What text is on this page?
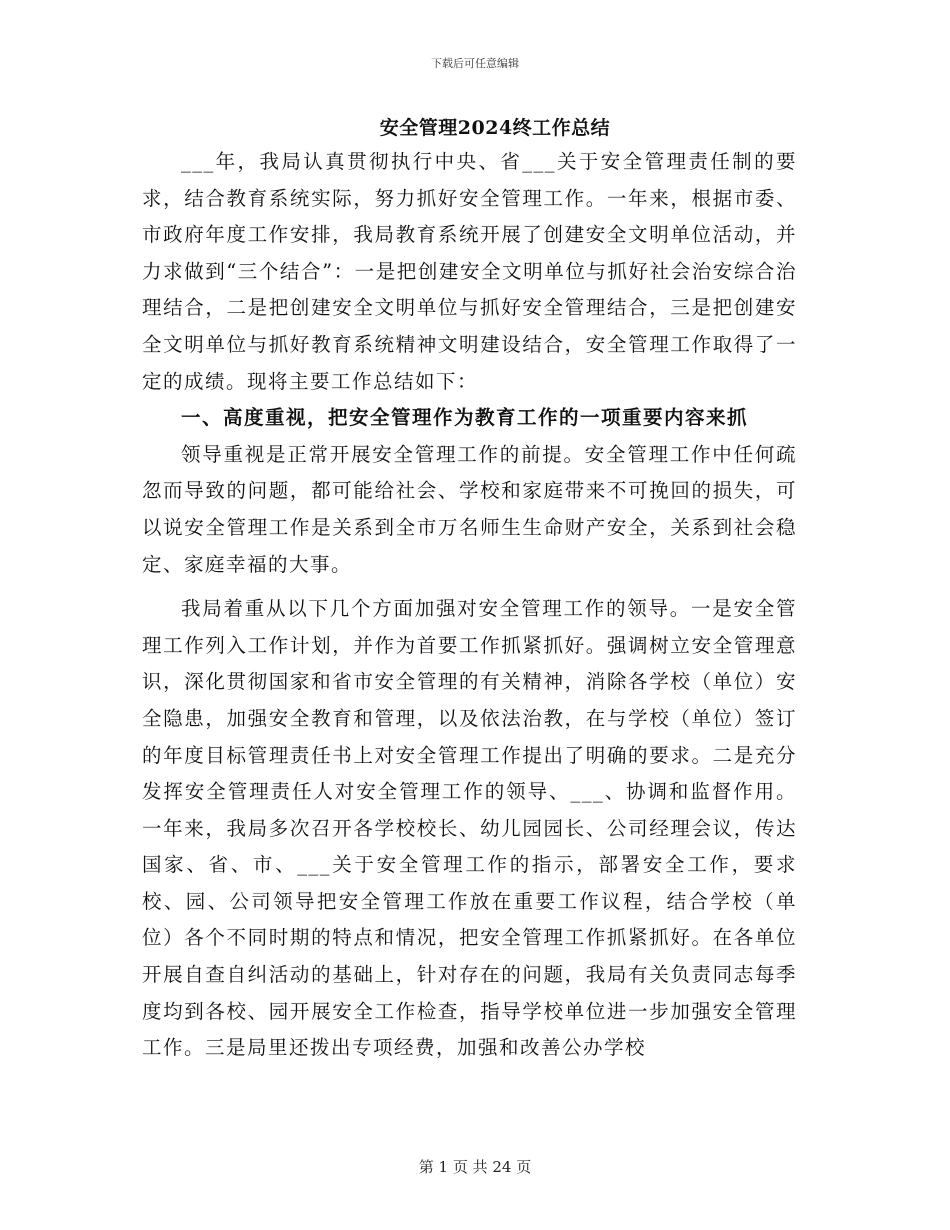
下载后可任意编辑
安全管理2024终工作总结

___年，我局认真贯彻执行中央、省___关于安全管理责任制的要求，结合教育系统实际，努力抓好安全管理工作。一年来，根据市委、市政府年度工作安排，我局教育系统开展了创建安全文明单位活动，并力求做到“三个结合”：一是把创建安全文明单位与抓好社会治安综合治理结合，二是把创建安全文明单位与抓好安全管理结合，三是把创建安全文明单位与抓好教育系统精神文明建设结合，安全管理工作取得了一定的成绩。现将主要工作总结如下：

一、高度重视，把安全管理作为教育工作的一项重要内容来抓

领导重视是正常开展安全管理工作的前提。安全管理工作中任何疏忽而导致的问题，都可能给社会、学校和家庭带来不可挽回的损失，可以说安全管理工作是关系到全市万名师生生命财产安全，关系到社会稳定、家庭幸福的大事。

我局着重从以下几个方面加强对安全管理工作的领导。一是安全管理工作列入工作计划，并作为首要工作抓紧抓好。强调树立安全管理意识，深化贯彻国家和省市安全管理的有关精神，消除各学校（单位）安全隐患，加强安全教育和管理，以及依法治教，在与学校（单位）签订的年度目标管理责任书上对安全管理工作提出了明确的要求。二是充分发挥安全管理责任人对安全管理工作的领导、___、协调和监督作用。一年来，我局多次召开各学校校长、幼儿园园长、公司经理会议，传达国家、省、市、___关于安全管理工作的指示，部署安全工作，要求校、园、公司领导把安全管理工作放在重要工作议程，结合学校（单位）各个不同时期的特点和情况，把安全管理工作抓紧抓好。在各单位开展自查自纠活动的基础上，针对存在的问题，我局有关负责同志每季度均到各校、园开展安全工作检查，指导学校单位进一步加强安全管理工作。三是局里还拨出专项经费，加强和改善公办学校

第 1 页 共 24 页
